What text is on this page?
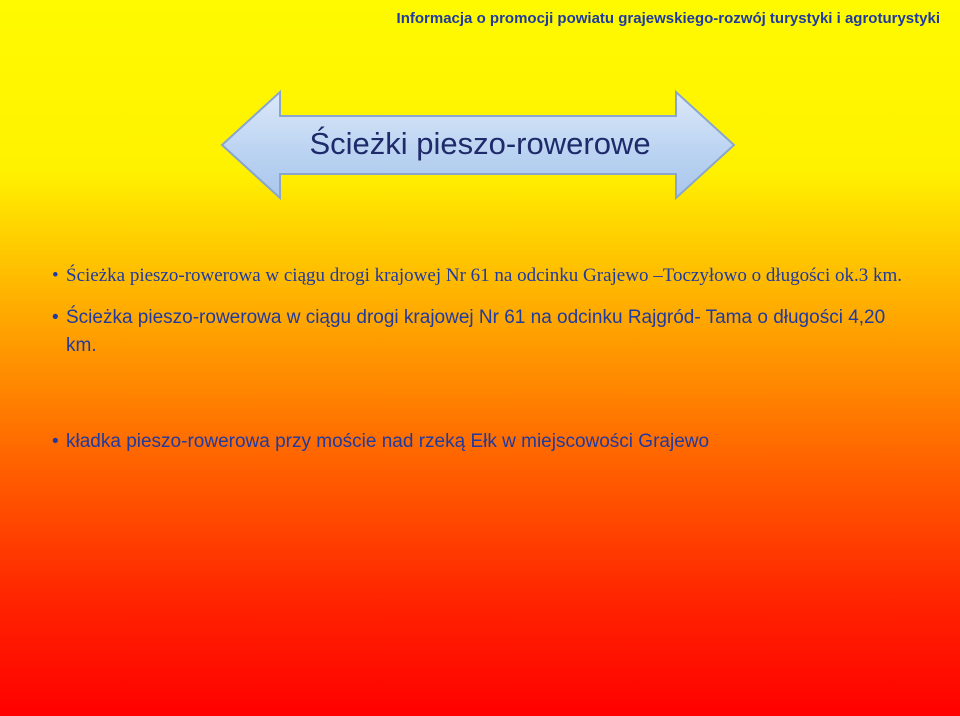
Informacja o promocji powiatu grajewskiego-rozwój turystyki i agroturystyki
Ścieżki pieszo-rowerowe
• Ścieżka pieszo-rowerowa w ciągu drogi krajowej Nr 61 na odcinku Grajewo –Toczyłowo o długości ok.3 km.
• Ścieżka pieszo-rowerowa w ciągu drogi krajowej Nr 61 na odcinku Rajgród- Tama o długości 4,20 km.
• kładka pieszo-rowerowa przy moście nad rzeką Ełk w miejscowości Grajewo
